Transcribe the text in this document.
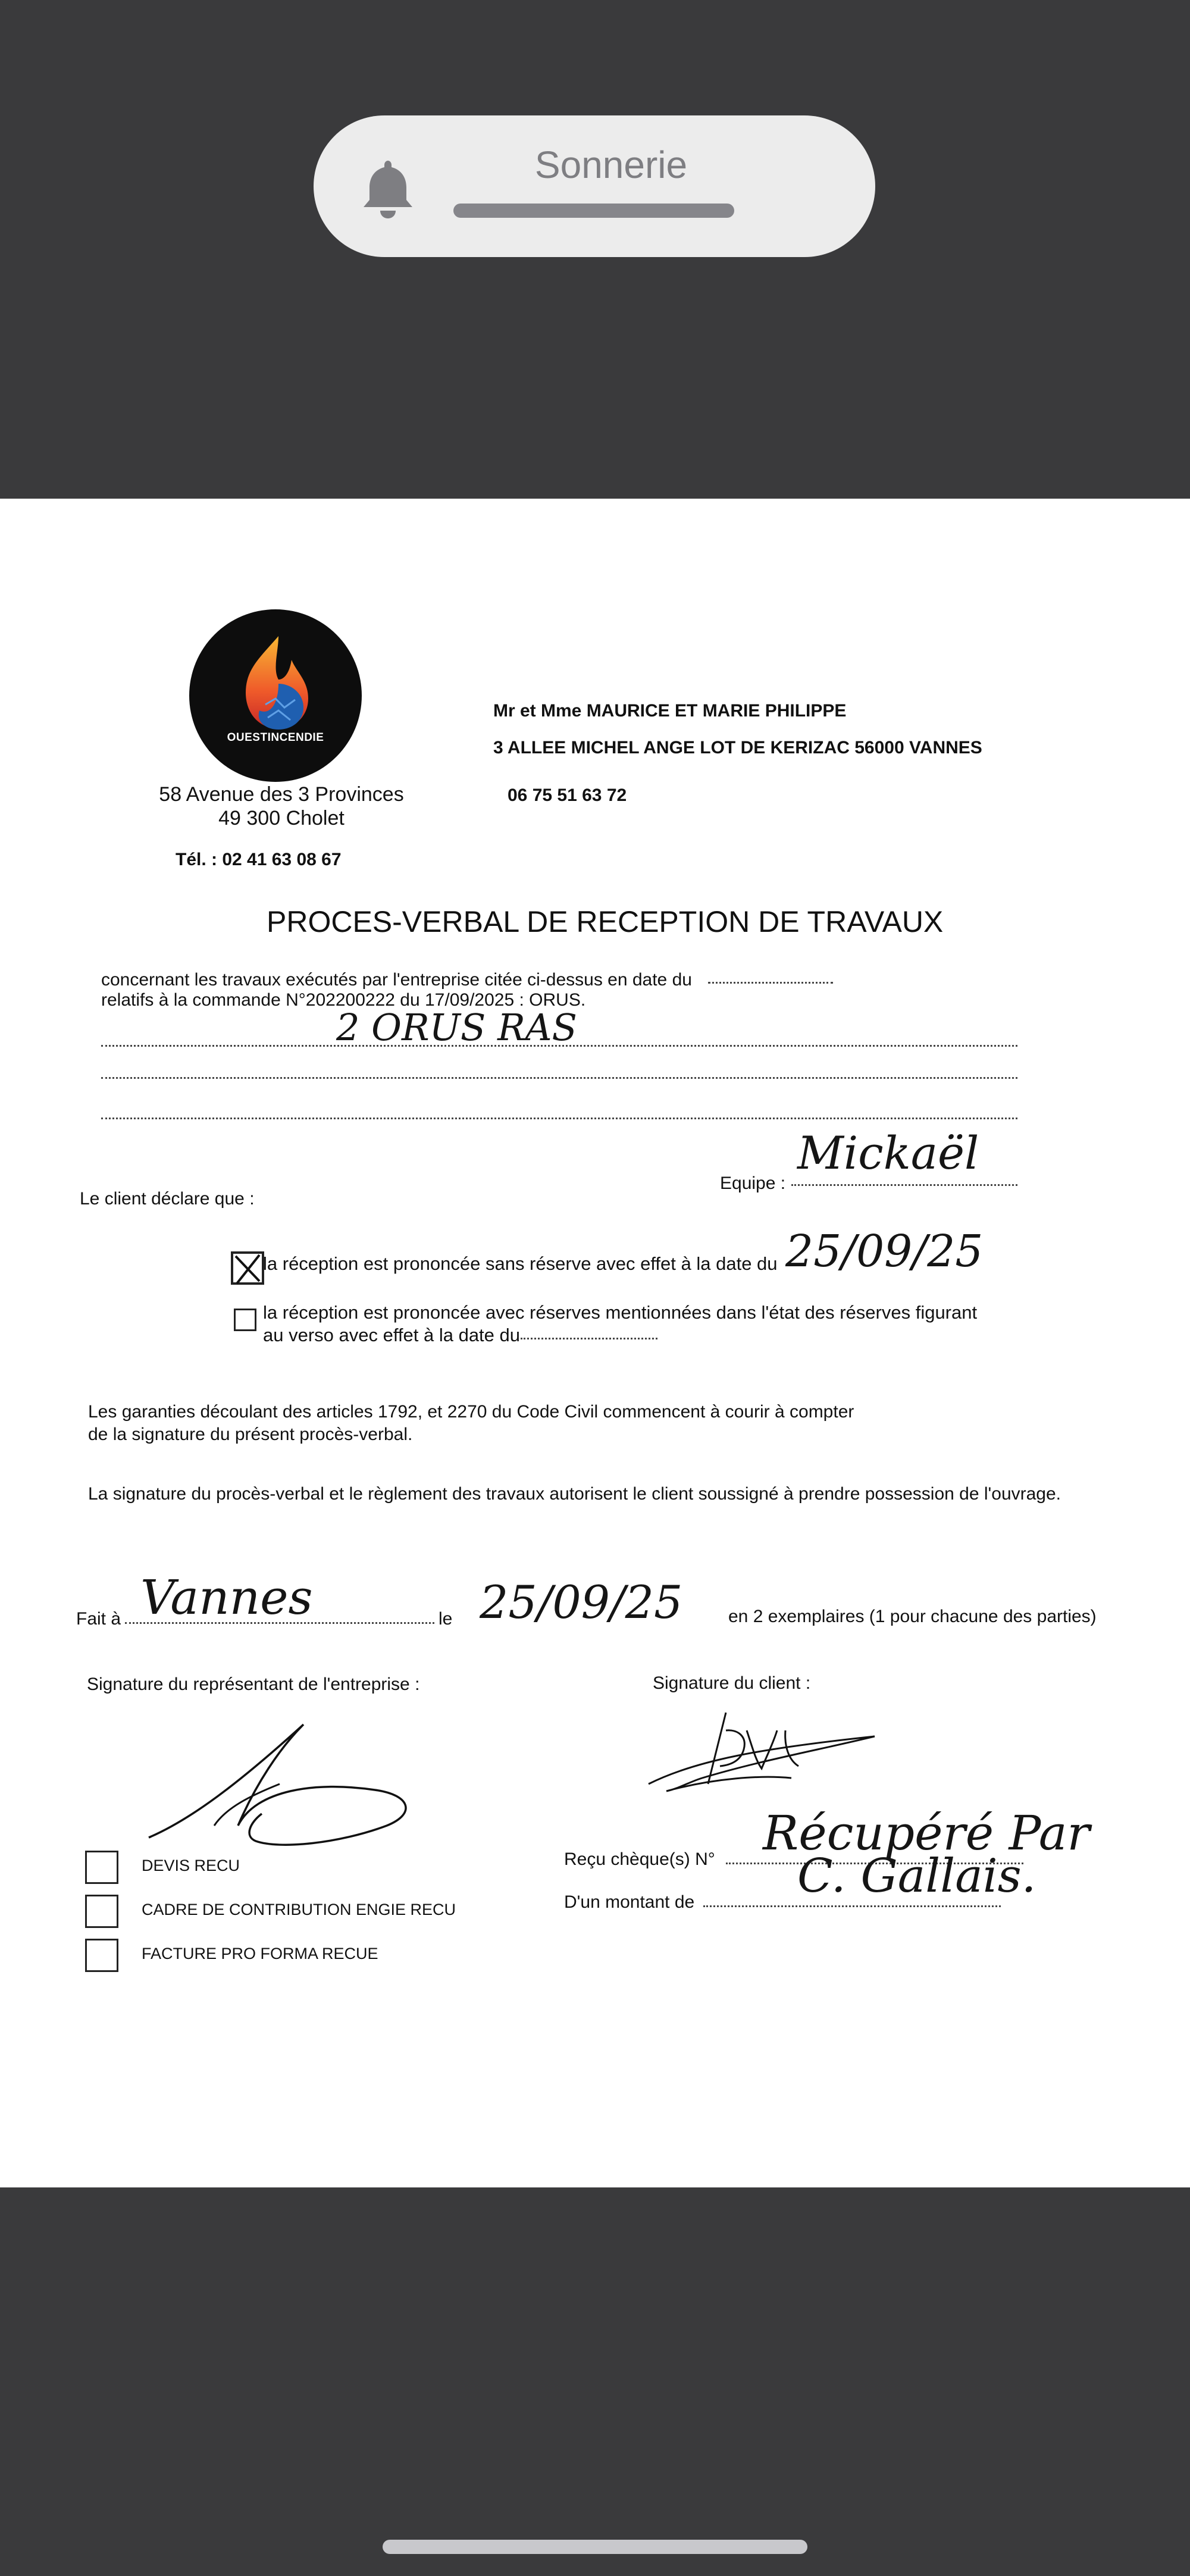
Sonnerie
OUESTINCENDIE
58 Avenue des 3 Provinces
49 300 Cholet
Tél. : 02 41 63 08 67
Mr et Mme MAURICE ET MARIE PHILIPPE
3 ALLEE MICHEL ANGE LOT DE KERIZAC 56000 VANNES
06 75 51 63 72
PROCES-VERBAL DE RECEPTION DE TRAVAUX
concernant les travaux exécutés par l'entreprise citée ci-dessus en date du
relatifs à la commande N°202200222 du 17/09/2025 : ORUS.
2 ORUS RAS
Le client déclare que :
Equipe :
Mickaël
la réception est prononcée sans réserve avec effet à la date du 25/09/25
la réception est prononcée avec réserves mentionnées dans l'état des réserves figurant
au verso avec effet à la date du
Les garanties découlant des articles 1792, et 2270 du Code Civil commencent à courir à compter
de la signature du présent procès-verbal.
La signature du procès-verbal et le règlement des travaux autorisent le client soussigné à prendre possession de l'ouvrage.
Fait à Vannes	le 25/09/25	en 2 exemplaires (1 pour chacune des parties)
Signature du représentant de l'entreprise :	Signature du client :
DEVIS RECU
CADRE DE CONTRIBUTION ENGIE RECU
FACTURE PRO FORMA RECUE
Reçu chèque(s) N° Récupéré Par
D'un montant de C. Gallais.
